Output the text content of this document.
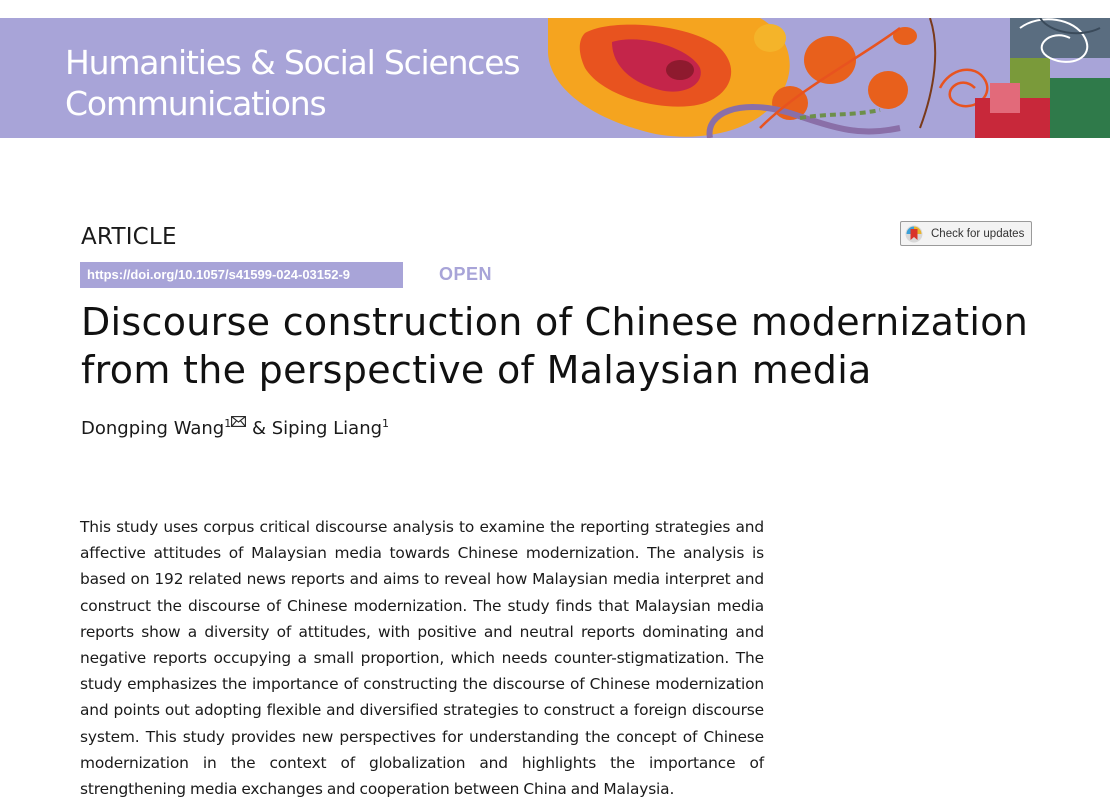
Humanities & Social Sciences
Communications
ARTICLE	Check for updates
https://doi.org/10.1057/s41599-024-03152-9	OPEN
Discourse construction of Chinese modernization from the perspective of Malaysian media
Dongping Wang$^1$ & Siping Liang$^1$

This study uses corpus critical discourse analysis to examine the reporting strategies and affective attitudes of Malaysian media towards Chinese modernization. The analysis is based on 192 related news reports and aims to reveal how Malaysian media interpret and construct the discourse of Chinese modernization. The study finds that Malaysian media reports show a diversity of attitudes, with positive and neutral reports dominating and negative reports occupying a small proportion, which needs counter-stigmatization. The study emphasizes the importance of constructing the discourse of Chinese modernization and points out adopting flexible and diversified strategies to construct a foreign discourse system. This study provides new perspectives for understanding the concept of Chinese modernization in the context of globalization and highlights the importance of strengthening media exchanges and cooperation between China and Malaysia.
